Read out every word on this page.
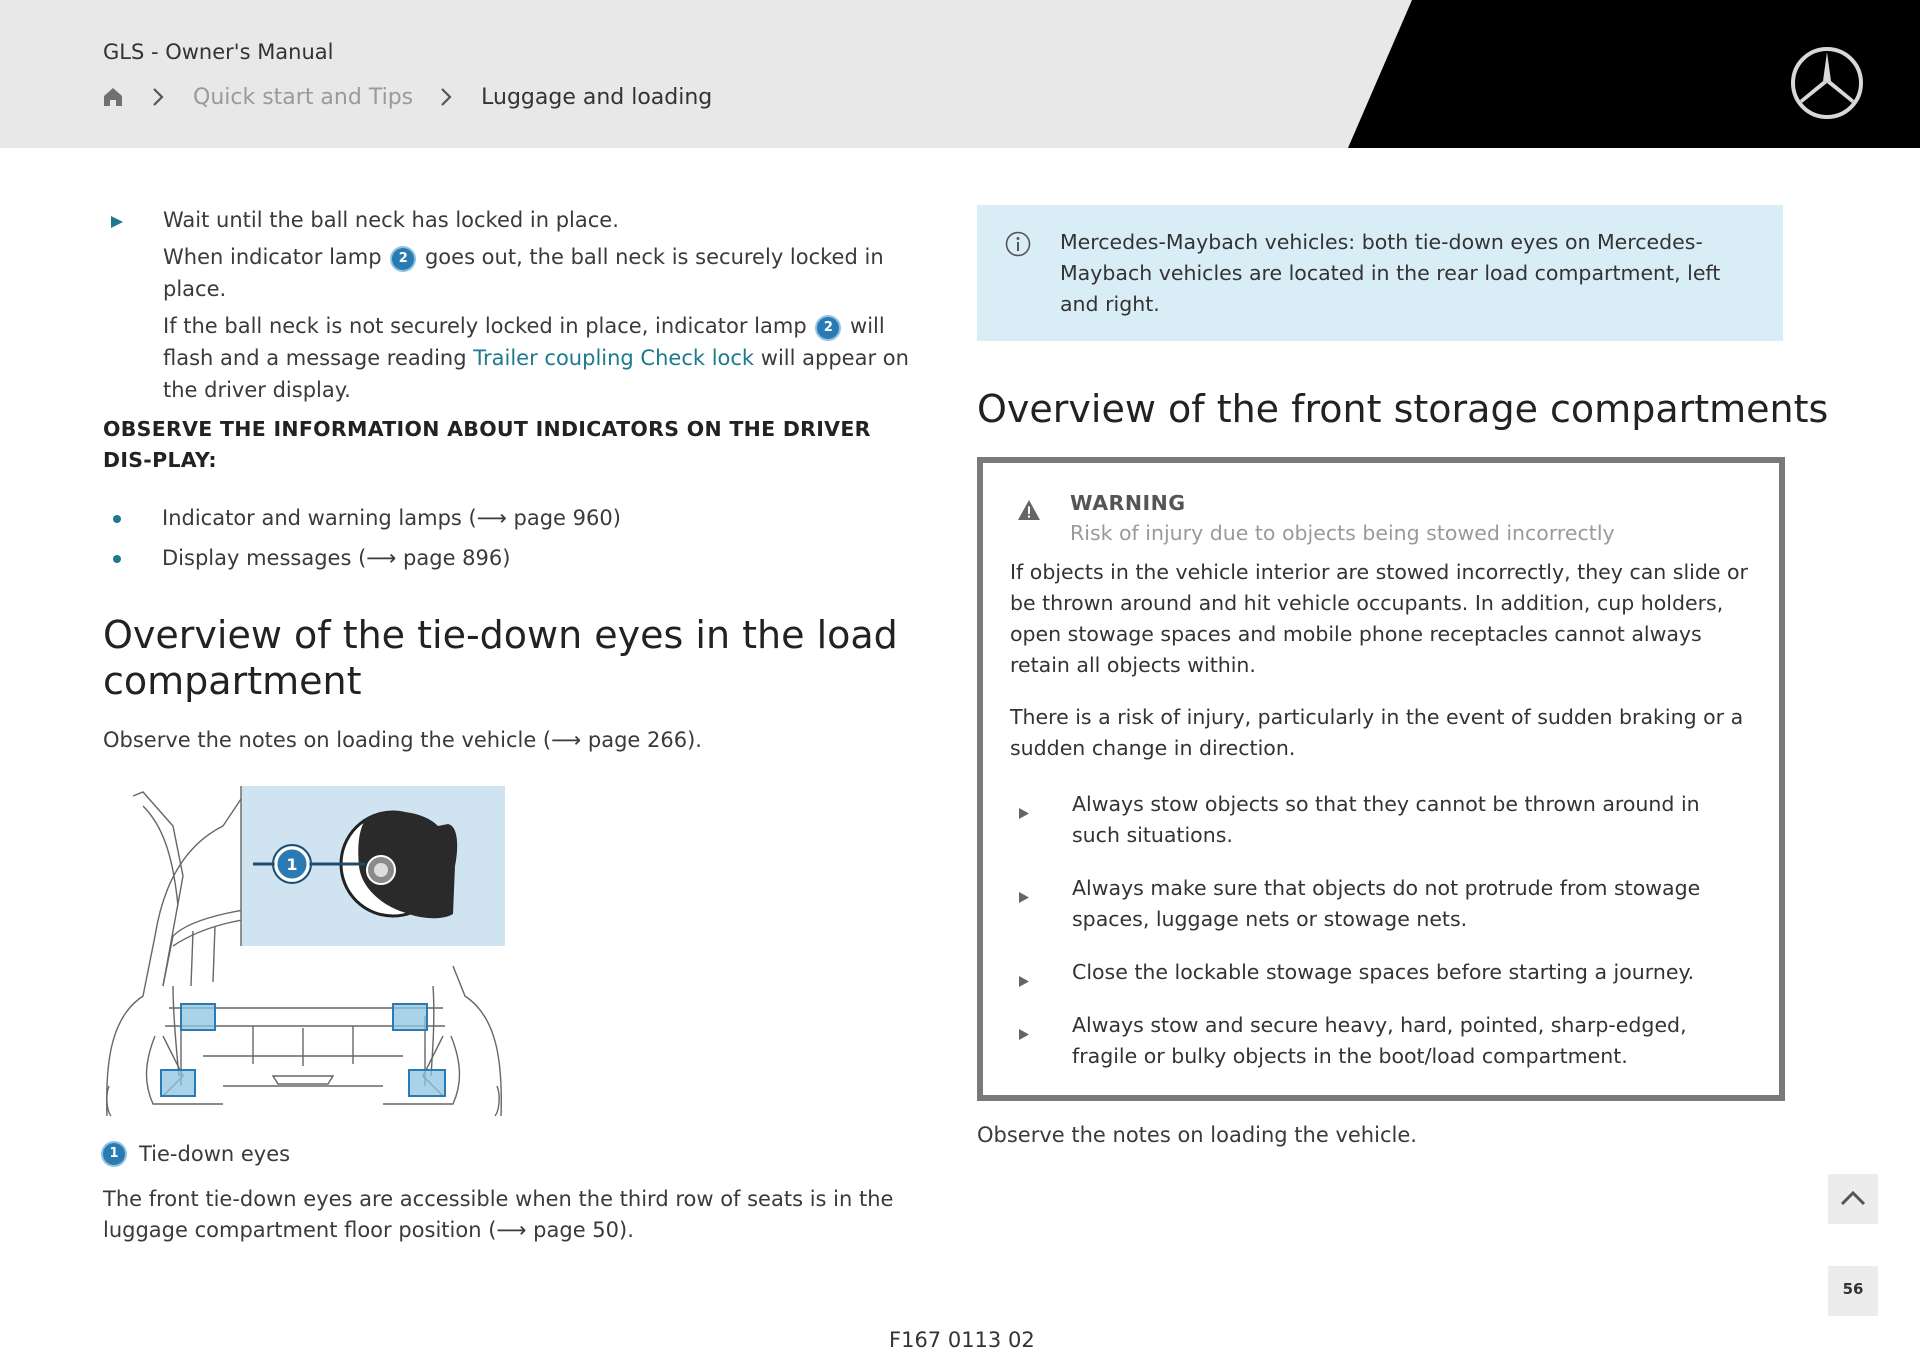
GLS - Owner's Manual
Quick start and Tips	Luggage and loading

Wait until the ball neck has locked in place.

When indicator lamp 2 goes out, the ball neck is securely locked in place.

If the ball neck is not securely locked in place, indicator lamp 2 will flash and a message reading Trailer coupling Check lock will appear on the driver display.

OBSERVE THE INFORMATION ABOUT INDICATORS ON THE DRIVER DIS-PLAY:
Indicator and warning lamps (⟶ page 960)
Display messages (⟶ page 896)
Overview of the tie-down eyes in the load compartment
Observe the notes on loading the vehicle (⟶ page 266).
1
1 Tie-down eyes
The front tie-down eyes are accessible when the third row of seats is in the luggage compartment floor position (⟶ page 50).
Mercedes-Maybach vehicles: both tie-down eyes on Mercedes-Maybach vehicles are located in the rear load compartment, left and right.
Overview of the front storage compartments
WARNING
Risk of injury due to objects being stowed incorrectly
If objects in the vehicle interior are stowed incorrectly, they can slide or be thrown around and hit vehicle occupants. In addition, cup holders, open stowage spaces and mobile phone receptacles cannot always retain all objects within.
There is a risk of injury, particularly in the event of sudden braking or a sudden change in direction.
Always stow objects so that they cannot be thrown around in such situations.
Always make sure that objects do not protrude from stowage spaces, luggage nets or stowage nets.
Close the lockable stowage spaces before starting a journey.
Always stow and secure heavy, hard, pointed, sharp-edged, fragile or bulky objects in the boot/load compartment.
Observe the notes on loading the vehicle.
F167 0113 02
56
